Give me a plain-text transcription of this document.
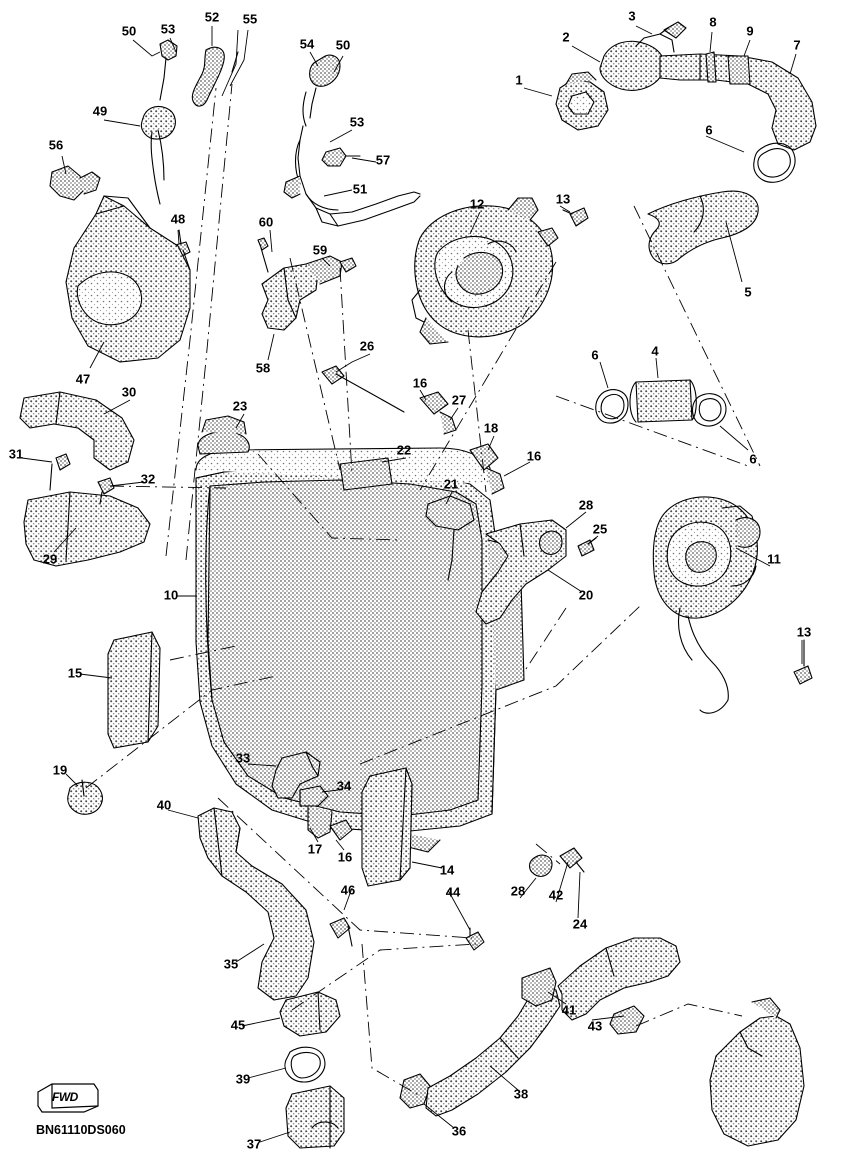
FWD
BN61110DS060
1
2
3
4
5
6
6
6
7
8
9
10
11
12	13
13
14
15
16
16
16
17
18
19
20
21
22
23
24
25
26
27
28
28
29
30
31
32
33
34
35
36
37
38
39
40
41
42
43
44
45
46
47
48
49
50
50
51
52
53
53
54
55
56
57
58
59
60
